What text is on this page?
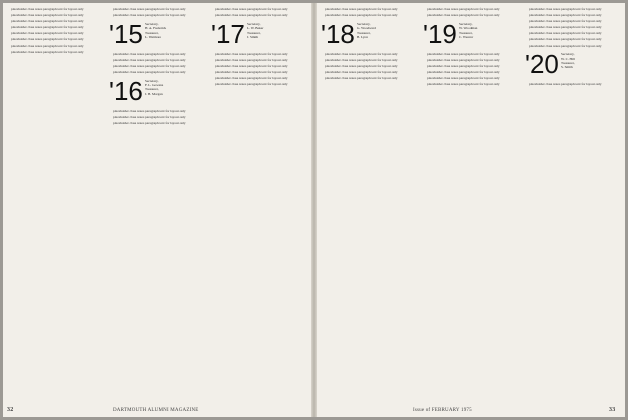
placeholder class notes paragraph text for layout only

placeholder class notes paragraph text for layout only

placeholder class notes paragraph text for layout only

placeholder class notes paragraph text for layout only

placeholder class notes paragraph text for layout only

placeholder class notes paragraph text for layout only

placeholder class notes paragraph text for layout only

placeholder class notes paragraph text for layout only

placeholder class notes paragraph text for layout only

placeholder class notes paragraph text for layout only

'15 Secretary,
H. A. Frederick
Treasurer,
L. Wetmore

placeholder class notes paragraph text for layout only

placeholder class notes paragraph text for layout only

placeholder class notes paragraph text for layout only

placeholder class notes paragraph text for layout only

'16 Secretary,
F. L. Gowans
Treasurer,
J. B. Morgan

placeholder class notes paragraph text for layout only

placeholder class notes paragraph text for layout only

placeholder class notes paragraph text for layout only

placeholder class notes paragraph text for layout only

placeholder class notes paragraph text for layout only

'17 Secretary,
L. W. Baker
Treasurer,
J. Smith

placeholder class notes paragraph text for layout only

placeholder class notes paragraph text for layout only

placeholder class notes paragraph text for layout only

placeholder class notes paragraph text for layout only

placeholder class notes paragraph text for layout only

placeholder class notes paragraph text for layout only

32	DARTMOUTH ALUMNI MAGAZINE

placeholder class notes paragraph text for layout only

placeholder class notes paragraph text for layout only

'18 Secretary,
G. Woodward
Treasurer,
B. Lyon

placeholder class notes paragraph text for layout only

placeholder class notes paragraph text for layout only

placeholder class notes paragraph text for layout only

placeholder class notes paragraph text for layout only

placeholder class notes paragraph text for layout only

placeholder class notes paragraph text for layout only

placeholder class notes paragraph text for layout only

'19 Secretary,
W. Woodman
Treasurer,
C. Weaver

placeholder class notes paragraph text for layout only

placeholder class notes paragraph text for layout only

placeholder class notes paragraph text for layout only

placeholder class notes paragraph text for layout only

placeholder class notes paragraph text for layout only

placeholder class notes paragraph text for layout only

placeholder class notes paragraph text for layout only

placeholder class notes paragraph text for layout only

placeholder class notes paragraph text for layout only

placeholder class notes paragraph text for layout only

placeholder class notes paragraph text for layout only

placeholder class notes paragraph text for layout only

placeholder class notes paragraph text for layout only

'20 Secretary,
W. C. Hill
Treasurer,
S. Smith

placeholder class notes paragraph text for layout only

Issue of FEBRUARY 1975	33
